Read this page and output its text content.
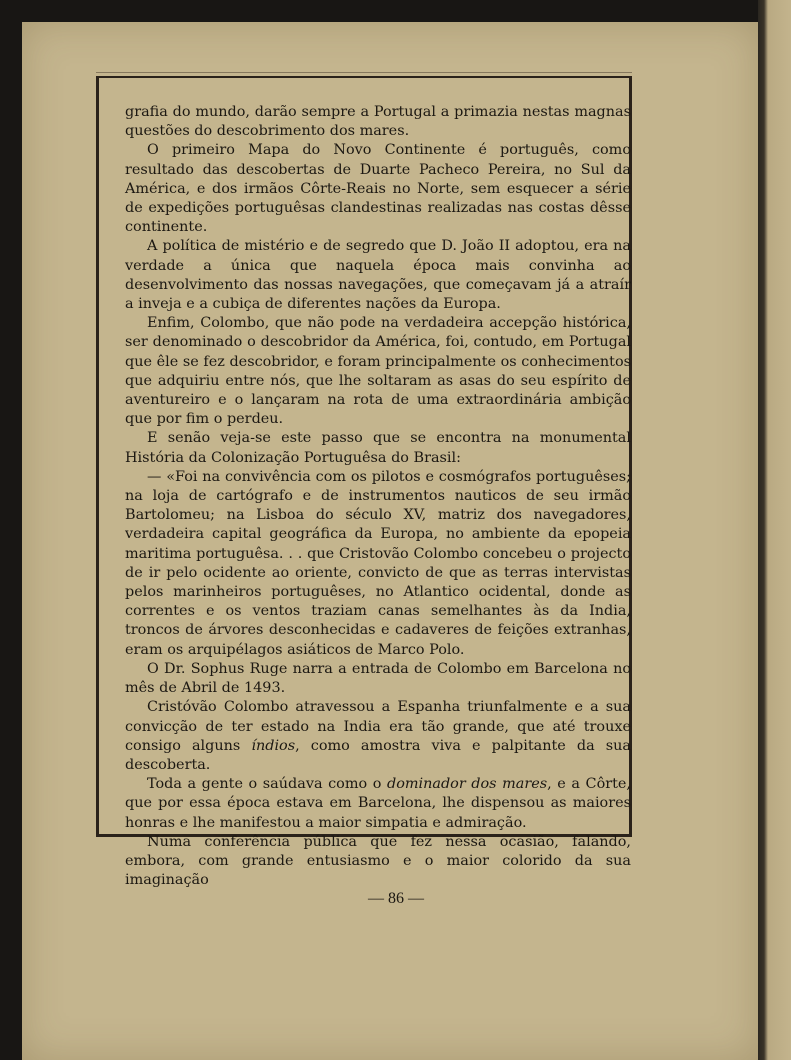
grafia do mundo, darão sempre a Portugal a primazia nestas magnas questões do descobrimento dos mares.

O primeiro Mapa do Novo Continente é português, como resultado das descobertas de Duarte Pacheco Pereira, no Sul da América, e dos irmãos Côrte-Reais no Norte, sem esquecer a série de expedições portuguêsas clandestinas realizadas nas costas dêsse continente.

A política de mistério e de segredo que D. João II adoptou, era na verdade a única que naquela época mais convinha ao desenvolvimento das nossas navegações, que começavam já a atraír a inveja e a cubiça de diferentes nações da Europa.

Enfim, Colombo, que não pode na verdadeira accepção histórica, ser denominado o descobridor da América, foi, contudo, em Portugal que êle se fez descobridor, e foram principalmente os conhecimentos que adquiriu entre nós, que lhe soltaram as asas do seu espírito de aventureiro e o lançaram na rota de uma extraordinária ambição que por fim o perdeu.

E senão veja-se este passo que se encontra na monumental História da Colonização Portuguêsa do Brasil:

— «Foi na convivência com os pilotos e cosmógrafos portuguêses; na loja de cartógrafo e de instrumentos nauticos de seu irmão Bartolomeu; na Lisboa do século XV, matriz dos navegadores, verdadeira capital geográfica da Europa, no ambiente da epopeia maritima portuguêsa. . . que Cristovão Colombo concebeu o projecto de ir pelo ocidente ao oriente, convicto de que as terras intervistas pelos marinheiros portuguêses, no Atlantico ocidental, donde as correntes e os ventos traziam canas semelhantes às da India, troncos de árvores desconhecidas e cadaveres de feições extranhas, eram os arquipélagos asiáticos de Marco Polo.

O Dr. Sophus Ruge narra a entrada de Colombo em Barcelona no mês de Abril de 1493.

Cristóvão Colombo atravessou a Espanha triunfalmente e a sua convicção de ter estado na India era tão grande, que até trouxe consigo alguns índios, como amostra viva e palpitante da sua descoberta.

Toda a gente o saúdava como o dominador dos mares, e a Côrte, que por essa época estava em Barcelona, lhe dispensou as maiores honras e lhe manifestou a maior simpatia e admiração.

Numa conferência pública que fez nessa ocasião, falando, embora, com grande entusiasmo e o maior colorido da sua imaginação

— 86 —
